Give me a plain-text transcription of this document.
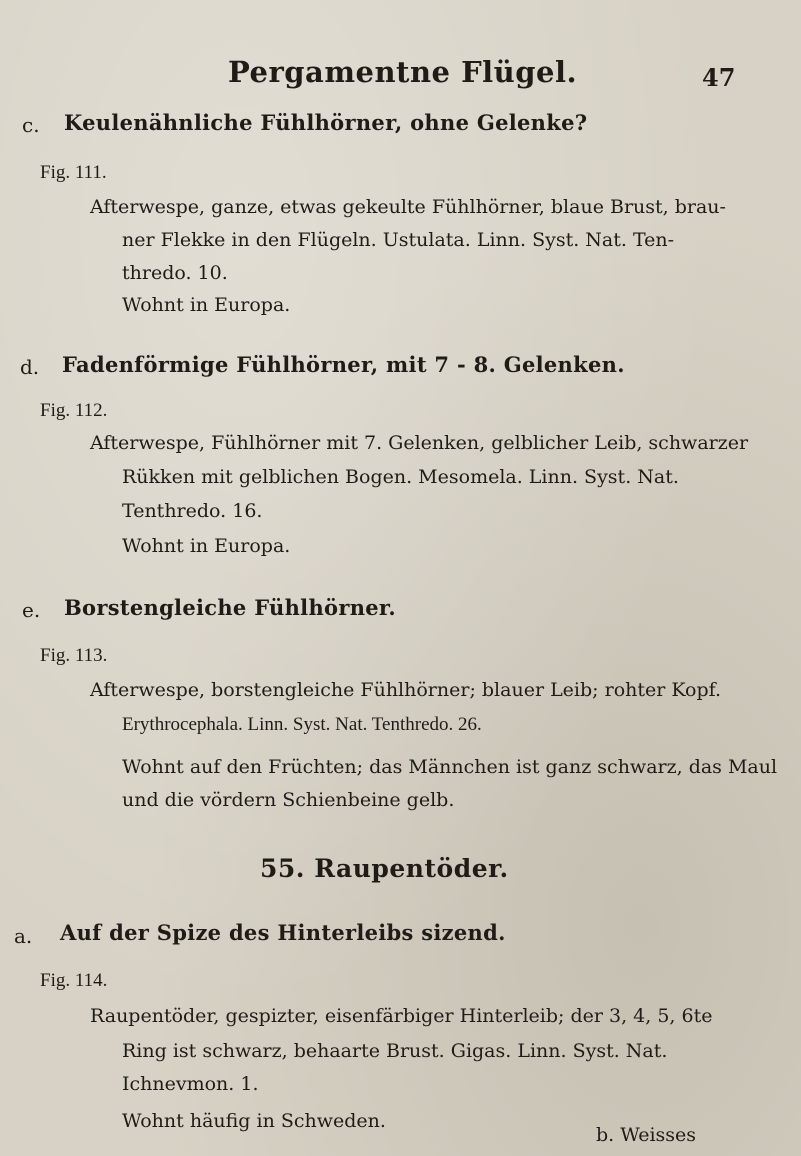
Pergamentne Flügel.	47
c. Keulenähnliche Fühlhörner, ohne Gelenke?
Fig. 111.
Afterwespe, ganze, etwas gekeulte Fühlhörner, blaue Brust, brau-
ner Flekke in den Flügeln. Ustulata. Linn. Syst. Nat. Ten-
thredo. 10.
Wohnt in Europa.
d. Fadenförmige Fühlhörner, mit 7 - 8. Gelenken.
Fig. 112.
Afterwespe, Fühlhörner mit 7. Gelenken, gelblicher Leib, schwarzer
Rükken mit gelblichen Bogen. Mesomela. Linn. Syst. Nat.
Tenthredo. 16.
Wohnt in Europa.
e. Borstengleiche Fühlhörner.
Fig. 113.
Afterwespe, borstengleiche Fühlhörner; blauer Leib; rohter Kopf.
Erythrocephala. Linn. Syst. Nat. Tenthredo. 26.
Wohnt auf den Früchten; das Männchen ist ganz schwarz, das Maul
und die vördern Schienbeine gelb.
55. Raupentöder.
a. Auf der Spize des Hinterleibs sizend.
Fig. 114.
Raupentöder, gespizter, eisenfärbiger Hinterleib; der 3, 4, 5, 6te
Ring ist schwarz, behaarte Brust. Gigas. Linn. Syst. Nat.
Ichnevmon. 1.
Wohnt häufig in Schweden.
b. Weisses
